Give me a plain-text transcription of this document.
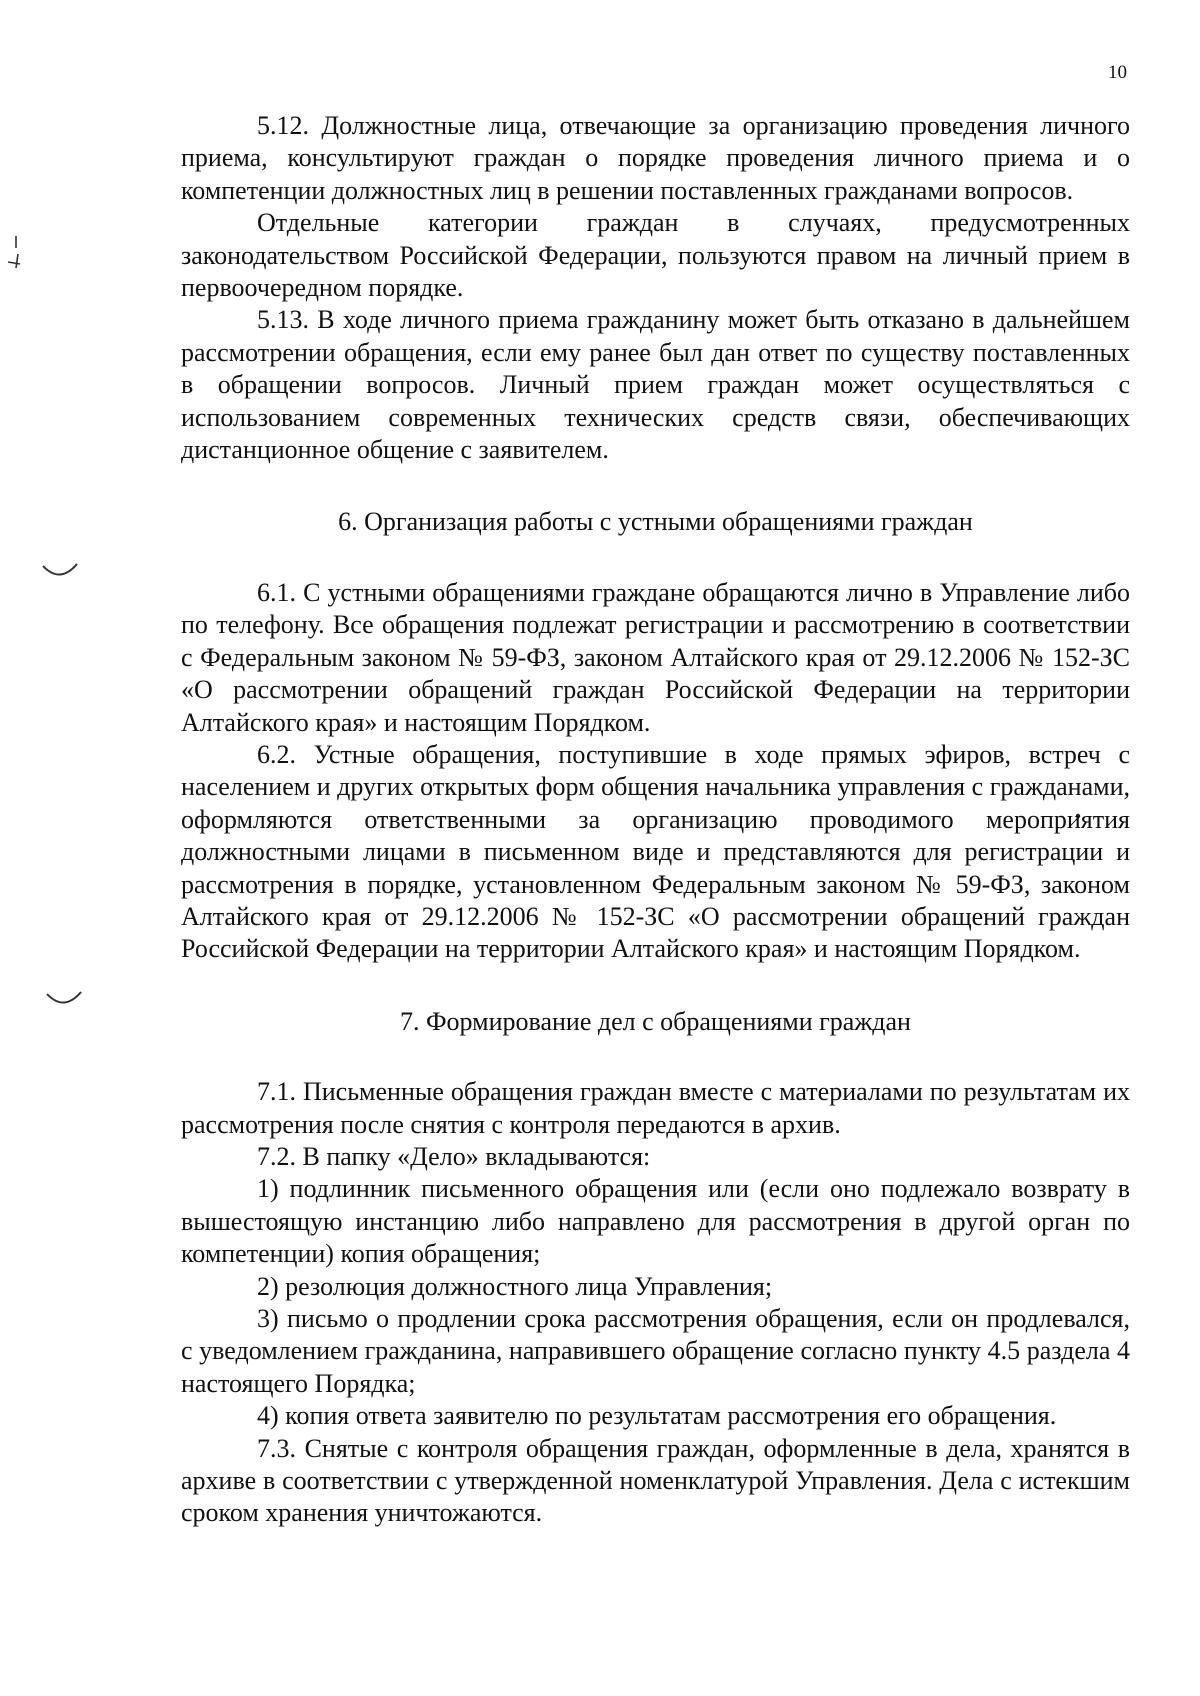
10

5.12. Должностные лица, отвечающие за организацию проведения личного приема, консультируют граждан о порядке проведения личного приема и о компетенции должностных лиц в решении поставленных гражданами вопросов.

Отдельные категории граждан в случаях, предусмотренных законодательством Российской Федерации, пользуются правом на личный прием в первоочередном порядке.

5.13. В ходе личного приема гражданину может быть отказано в дальнейшем рассмотрении обращения, если ему ранее был дан ответ по существу поставленных в обращении вопросов. Личный прием граждан может осуществляться с использованием современных технических средств связи, обеспечивающих дистанционное общение с заявителем.

6. Организация работы с устными обращениями граждан

6.1. С устными обращениями граждане обращаются лично в Управление либо по телефону. Все обращения подлежат регистрации и рассмотрению в соответствии с Федеральным законом № 59-ФЗ, законом Алтайского края от 29.12.2006 № 152-ЗС «О рассмотрении обращений граждан Российской Федерации на территории Алтайского края» и настоящим Порядком.

6.2. Устные обращения, поступившие в ходе прямых эфиров, встреч с населением и других открытых форм общения начальника управления с гражданами, оформляются ответственными за организацию проводимого мероприятия должностными лицами в письменном виде и представляются для регистрации и рассмотрения в порядке, установленном Федеральным законом № 59-ФЗ, законом Алтайского края от 29.12.2006 № 152-ЗС «О рассмотрении обращений граждан Российской Федерации на территории Алтайского края» и настоящим Порядком.

7. Формирование дел с обращениями граждан

7.1. Письменные обращения граждан вместе с материалами по результатам их рассмотрения после снятия с контроля передаются в архив.

7.2. В папку «Дело» вкладываются:

1) подлинник письменного обращения или (если оно подлежало возврату в вышестоящую инстанцию либо направлено для рассмотрения в другой орган по компетенции) копия обращения;

2) резолюция должностного лица Управления;

3) письмо о продлении срока рассмотрения обращения, если он продлевался, с уведомлением гражданина, направившего обращение согласно пункту 4.5 раздела 4 настоящего Порядка;

4) копия ответа заявителю по результатам рассмотрения его обращения.

7.3. Снятые с контроля обращения граждан, оформленные в дела, хранятся в архиве в соответствии с утвержденной номенклатурой Управления. Дела с истекшим сроком хранения уничтожаются.
